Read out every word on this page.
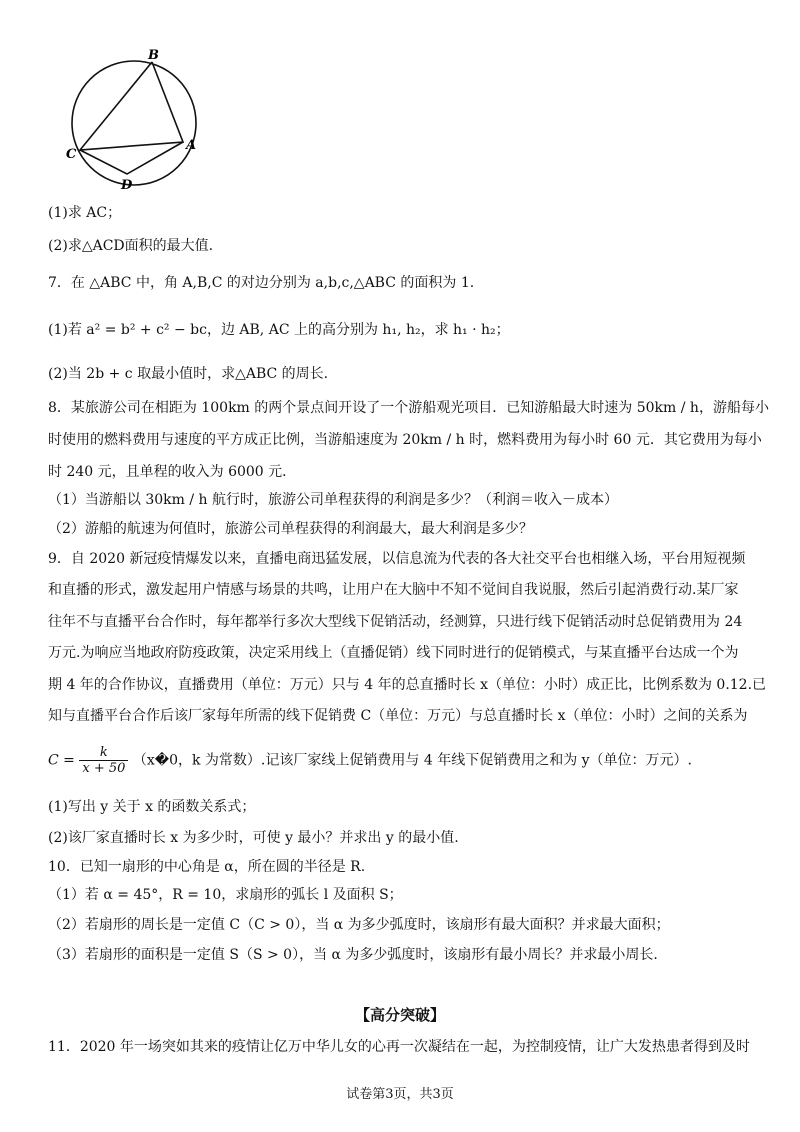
B
A
C
D
(1)求 AC；
(2)求△ACD面积的最大值.
7．在 △ABC 中，角 A,B,C 的对边分别为 a,b,c,△ABC 的面积为 1.
(1)若 a² = b² + c² − bc，边 AB, AC 上的高分别为 h₁, h₂，求 h₁ · h₂；
(2)当 2b + c 取最小值时，求△ABC 的周长.
8．某旅游公司在相距为 100km 的两个景点间开设了一个游船观光项目．已知游船最大时速为 50km / h，游船每小
时使用的燃料费用与速度的平方成正比例，当游船速度为 20km / h 时，燃料费用为每小时 60 元．其它费用为每小
时 240 元，且单程的收入为 6000 元．
（1）当游船以 30km / h 航行时，旅游公司单程获得的利润是多少？（利润＝收入－成本）
（2）游船的航速为何值时，旅游公司单程获得的利润最大，最大利润是多少？
9．自 2020 新冠疫情爆发以来，直播电商迅猛发展，以信息流为代表的各大社交平台也相继入场，平台用短视频
和直播的形式，激发起用户情感与场景的共鸣，让用户在大脑中不知不觉间自我说服，然后引起消费行动.某厂家
往年不与直播平台合作时，每年都举行多次大型线下促销活动，经测算，只进行线下促销活动时总促销费用为 24
万元.为响应当地政府防疫政策，决定采用线上（直播促销）线下同时进行的促销模式，与某直播平台达成一个为
期 4 年的合作协议，直播费用（单位：万元）只与 4 年的总直播时长 x（单位：小时）成正比，比例系数为 0.12.已
知与直播平台合作后该厂家每年所需的线下促销费 C（单位：万元）与总直播时长 x（单位：小时）之间的关系为
$C = \frac{k}{x + 50}$ （x�0，k 为常数）.记该厂家线上促销费用与 4 年线下促销费用之和为 y（单位：万元）.
(1)写出 y 关于 x 的函数关系式；
(2)该厂家直播时长 x 为多少时，可使 y 最小？并求出 y 的最小值.
10．已知一扇形的中心角是 α，所在圆的半径是 R.
（1）若 α = 45°，R = 10，求扇形的弧长 l 及面积 S；
（2）若扇形的周长是一定值 C（C > 0），当 α 为多少弧度时，该扇形有最大面积？并求最大面积；
（3）若扇形的面积是一定值 S（S > 0），当 α 为多少弧度时，该扇形有最小周长？并求最小周长.
【高分突破】
11．2020 年一场突如其来的疫情让亿万中华儿女的心再一次凝结在一起，为控制疫情，让广大发热患者得到及时
试卷第3页，共3页
